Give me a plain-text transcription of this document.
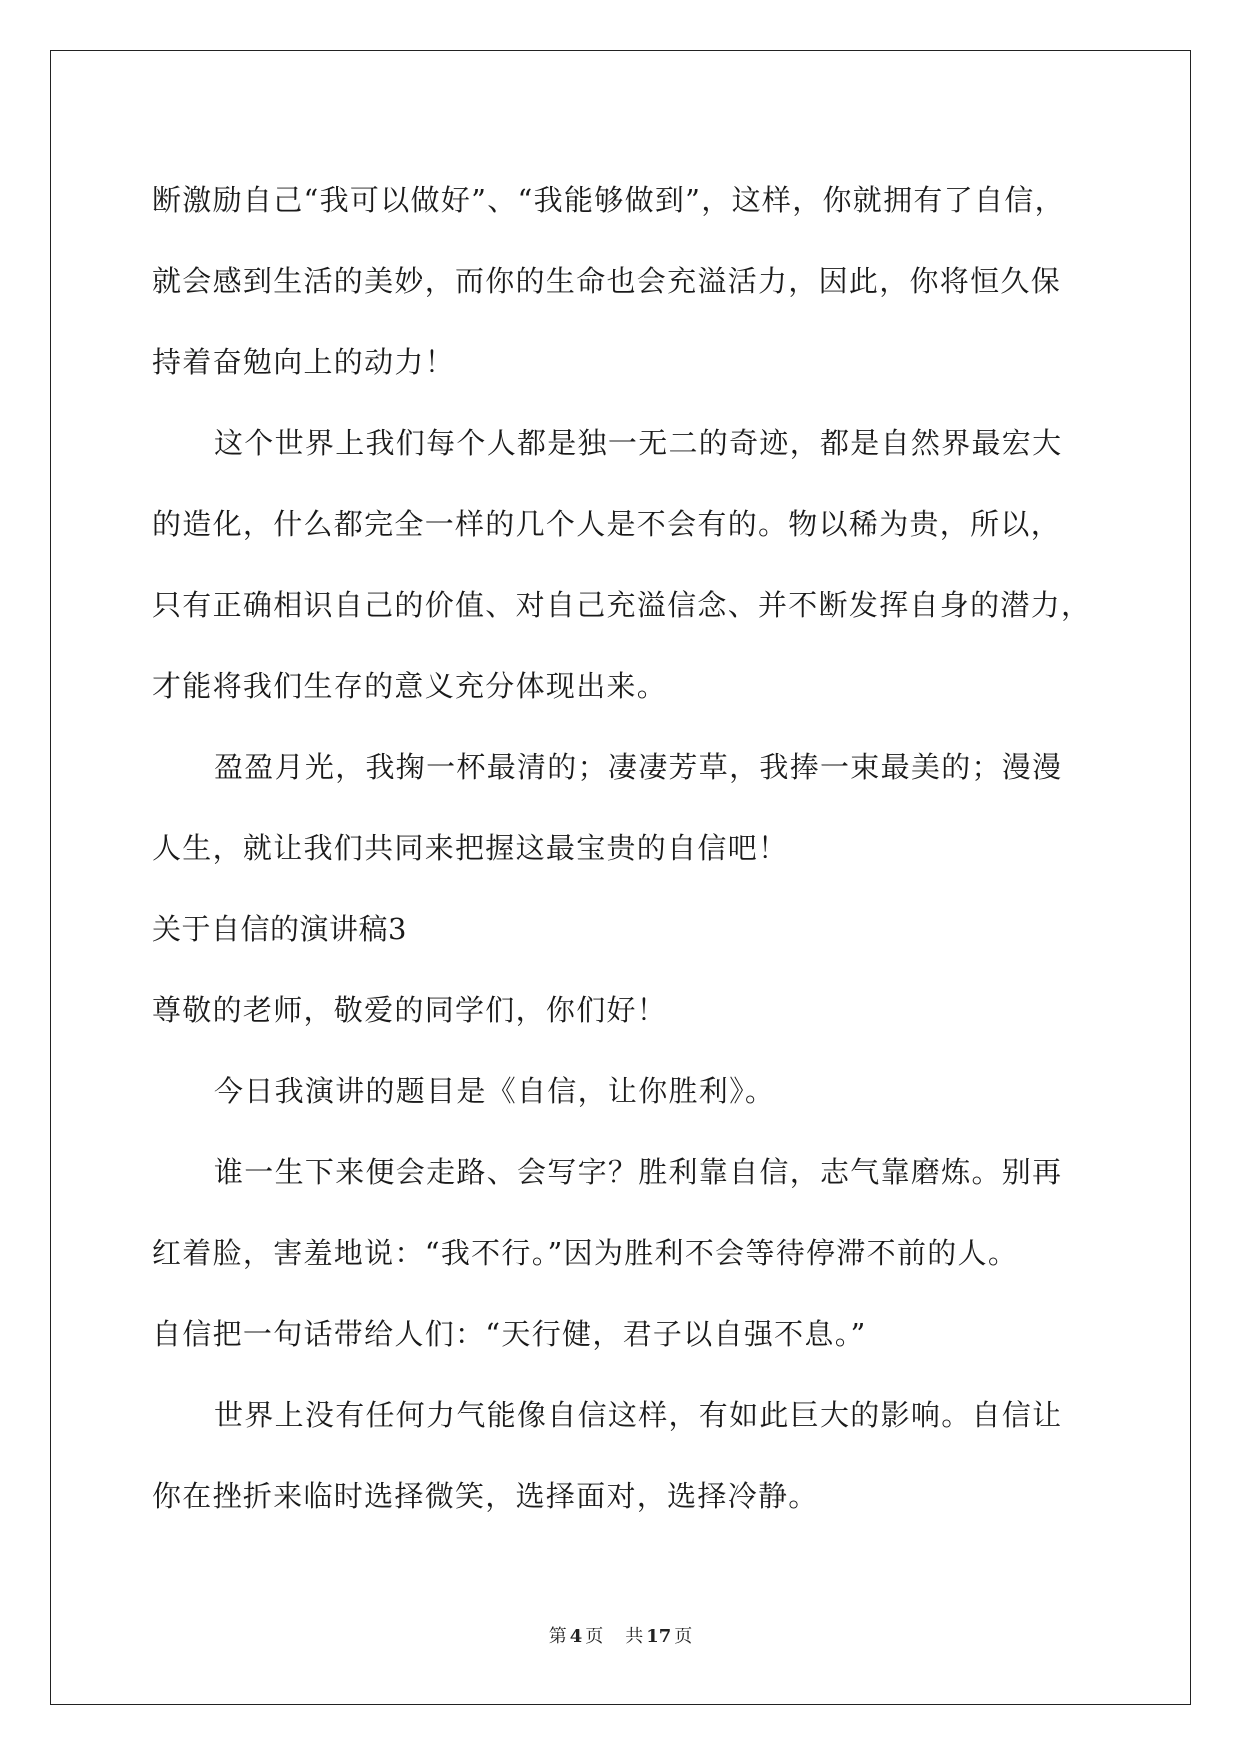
断激励自己“我可以做好”、“我能够做到”，这样，你就拥有了自信，
就会感到生活的美妙，而你的生命也会充溢活力，因此，你将恒久保
持着奋勉向上的动力！
这个世界上我们每个人都是独一无二的奇迹，都是自然界最宏大
的造化，什么都完全一样的几个人是不会有的。物以稀为贵，所以，
只有正确相识自己的价值、对自己充溢信念、并不断发挥自身的潜力，
才能将我们生存的意义充分体现出来。
盈盈月光，我掬一杯最清的；凄凄芳草，我捧一束最美的；漫漫
人生，就让我们共同来把握这最宝贵的自信吧！
关于自信的演讲稿3
尊敬的老师，敬爱的同学们，你们好！
今日我演讲的题目是《自信，让你胜利》。
谁一生下来便会走路、会写字？胜利靠自信，志气靠磨炼。别再
红着脸，害羞地说：“我不行。”因为胜利不会等待停滞不前的人。
自信把一句话带给人们：“天行健，君子以自强不息。”
世界上没有任何力气能像自信这样，有如此巨大的影响。自信让
你在挫折来临时选择微笑，选择面对，选择冷静。
第 4 页 共 17 页
